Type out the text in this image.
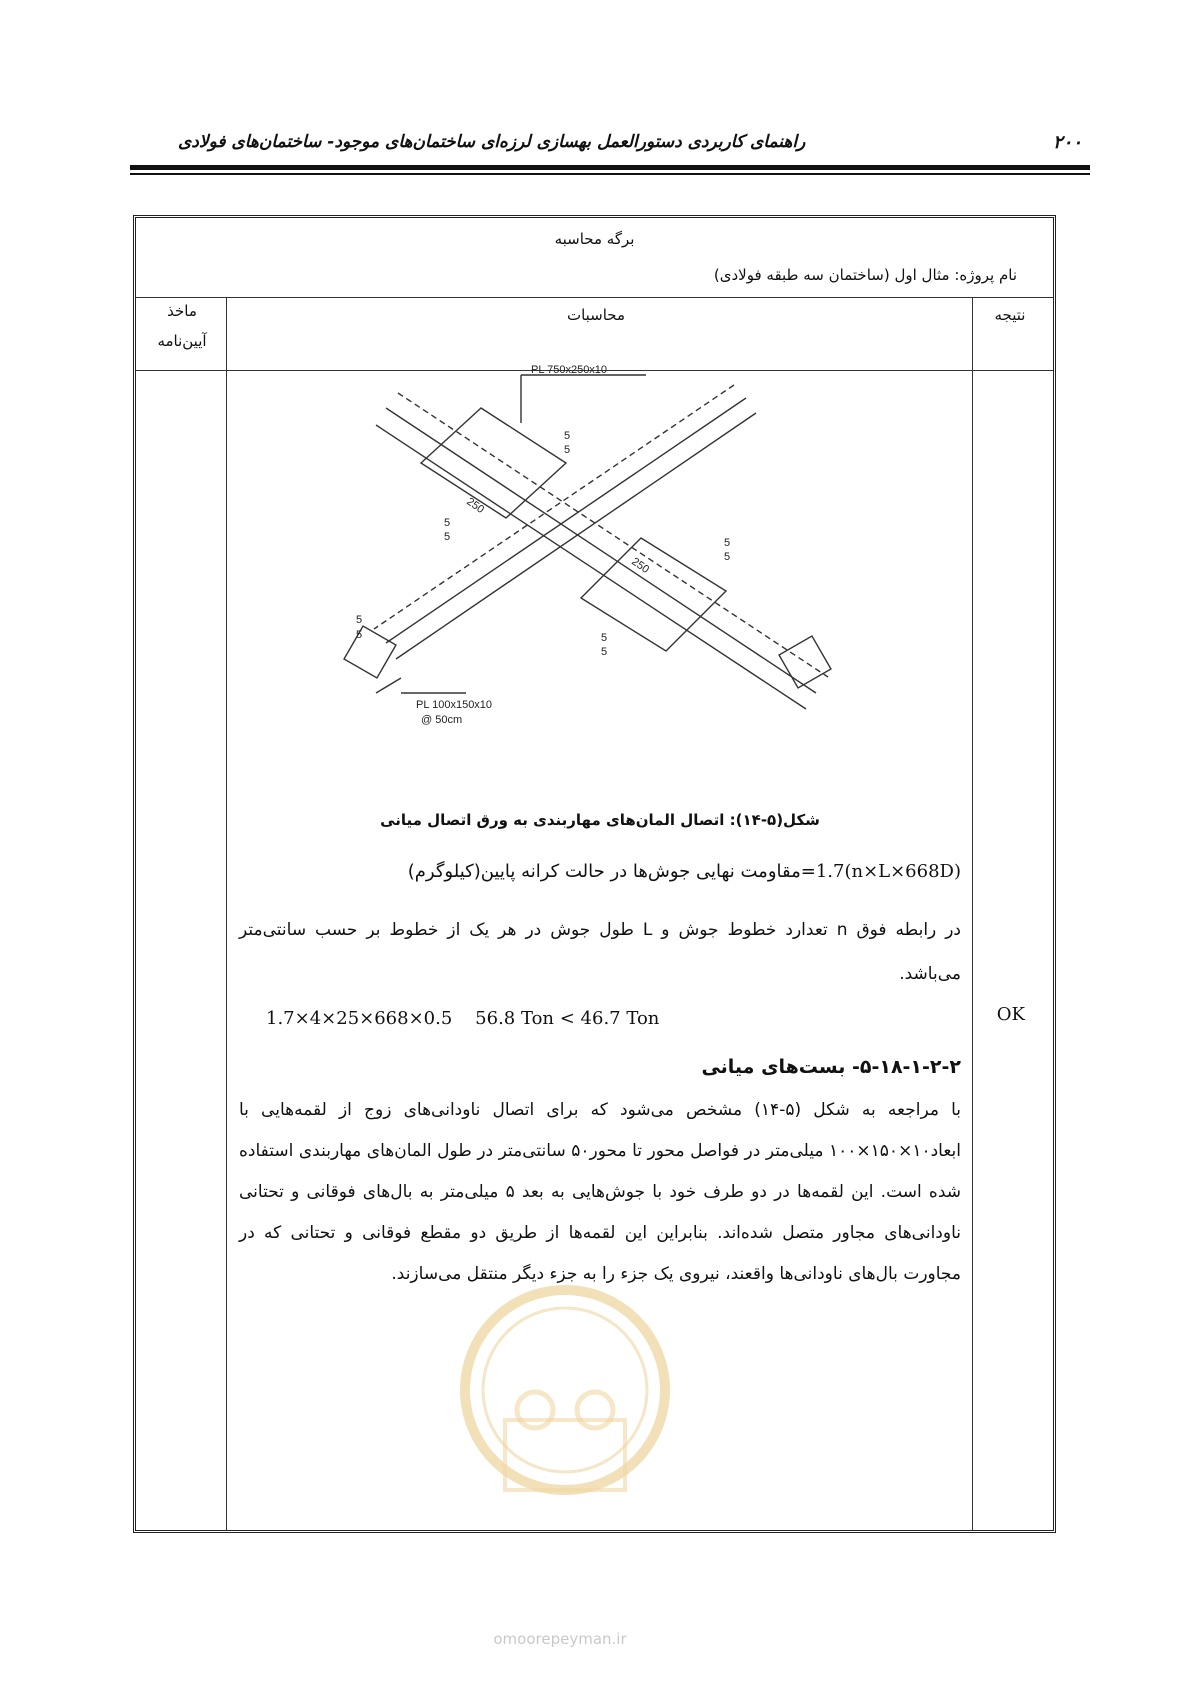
۲۰۰
راهنمای کاربردی دستورالعمل بهسازی لرزه‌ای ساختمان‌های موجود- ساختمان‌های فولادی
برگه محاسبه
نام پروژه: مثال اول (ساختمان سه طبقه فولادی)
نتیجه
محاسبات
ماخذ
آیین‌نامه
PL 750x250x10
250
250
5
5
5
5	5
5
5
5	5
5
PL 100x150x10
@ 50cm
شکل(۵-۱۴): اتصال المان‌های مهاربندی به ورق اتصال میانی
1.7(n×L×668D)=مقاومت نهایی جوش‌ها در حالت کرانه پایین(کیلوگرم)
در رابطه فوق n تعدارد خطوط جوش و L طول جوش در هر یک از خطوط بر حسب سانتی‌متر می‌باشد.
1.7×4×25×668×0.5    56.8 Ton < 46.7 Ton	OK
۵-۱۸-۱-۲-۲- بست‌های میانی
با مراجعه به شکل (۵-۱۴) مشخص می‌شود که برای اتصال ناودانی‌های زوج از لقمه‌هایی با ابعاد۱۰×۱۵۰×۱۰۰ میلی‌متر در فواصل محور تا محور۵۰ سانتی‌متر در طول المان‌های مهاربندی استفاده شده است. این لقمه‌ها در دو طرف خود با جوش‌هایی به بعد ۵ میلی‌متر به بال‌های فوقانی و تحتانی ناودانی‌های مجاور متصل شده‌اند. بنابراین این لقمه‌ها از طریق دو مقطع فوقانی و تحتانی که در مجاورت بال‌های ناودانی‌ها واقعند، نیروی یک جزء را به جزء دیگر منتقل می‌سازند.
omoorepeyman.ir
